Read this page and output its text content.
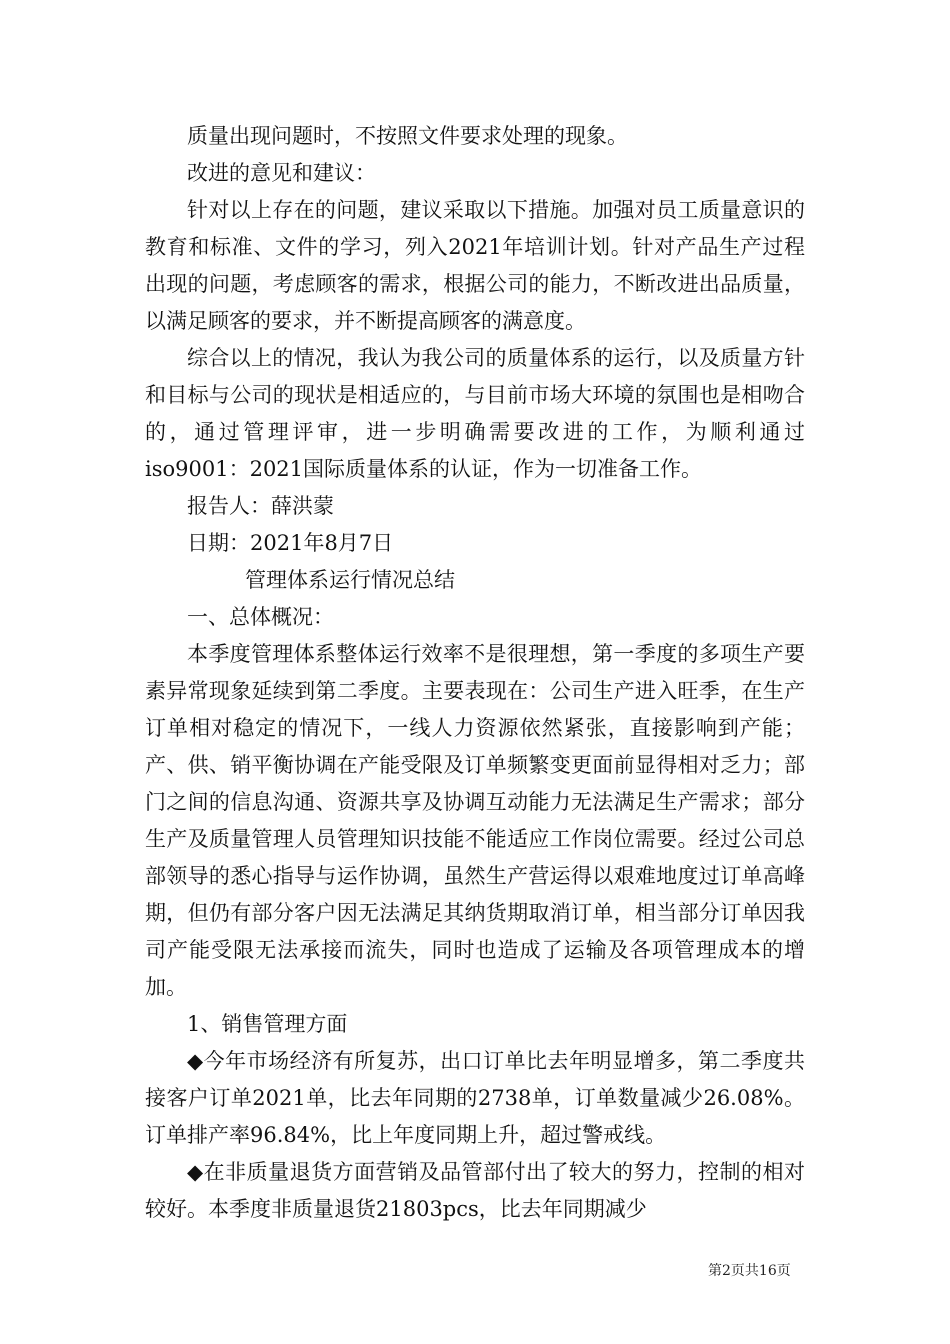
质量出现问题时，不按照文件要求处理的现象。

改进的意见和建议：

针对以上存在的问题，建议采取以下措施。加强对员工质量意识的教育和标准、文件的学习，列入2021年培训计划。针对产品生产过程出现的问题，考虑顾客的需求，根据公司的能力，不断改进出品质量，以满足顾客的要求，并不断提高顾客的满意度。

综合以上的情况，我认为我公司的质量体系的运行，以及质量方针和目标与公司的现状是相适应的，与目前市场大环境的氛围也是相吻合的，通过管理评审，进一步明确需要改进的工作，为顺利通过iso9001：2021国际质量体系的认证，作为一切准备工作。

报告人：薛洪蒙

日期：2021年8月7日

管理体系运行情况总结

一、总体概况：

本季度管理体系整体运行效率不是很理想，第一季度的多项生产要素异常现象延续到第二季度。主要表现在：公司生产进入旺季，在生产订单相对稳定的情况下，一线人力资源依然紧张，直接影响到产能；产、供、销平衡协调在产能受限及订单频繁变更面前显得相对乏力；部门之间的信息沟通、资源共享及协调互动能力无法满足生产需求；部分生产及质量管理人员管理知识技能不能适应工作岗位需要。经过公司总部领导的悉心指导与运作协调，虽然生产营运得以艰难地度过订单高峰期，但仍有部分客户因无法满足其纳货期取消订单，相当部分订单因我司产能受限无法承接而流失，同时也造成了运输及各项管理成本的增加。

1、销售管理方面

◆今年市场经济有所复苏，出口订单比去年明显增多，第二季度共接客户订单2021单，比去年同期的2738单，订单数量减少26.08%。订单排产率96.84%，比上年度同期上升，超过警戒线。

◆在非质量退货方面营销及品管部付出了较大的努力，控制的相对较好。本季度非质量退货21803pcs，比去年同期减少

第2页共16页
